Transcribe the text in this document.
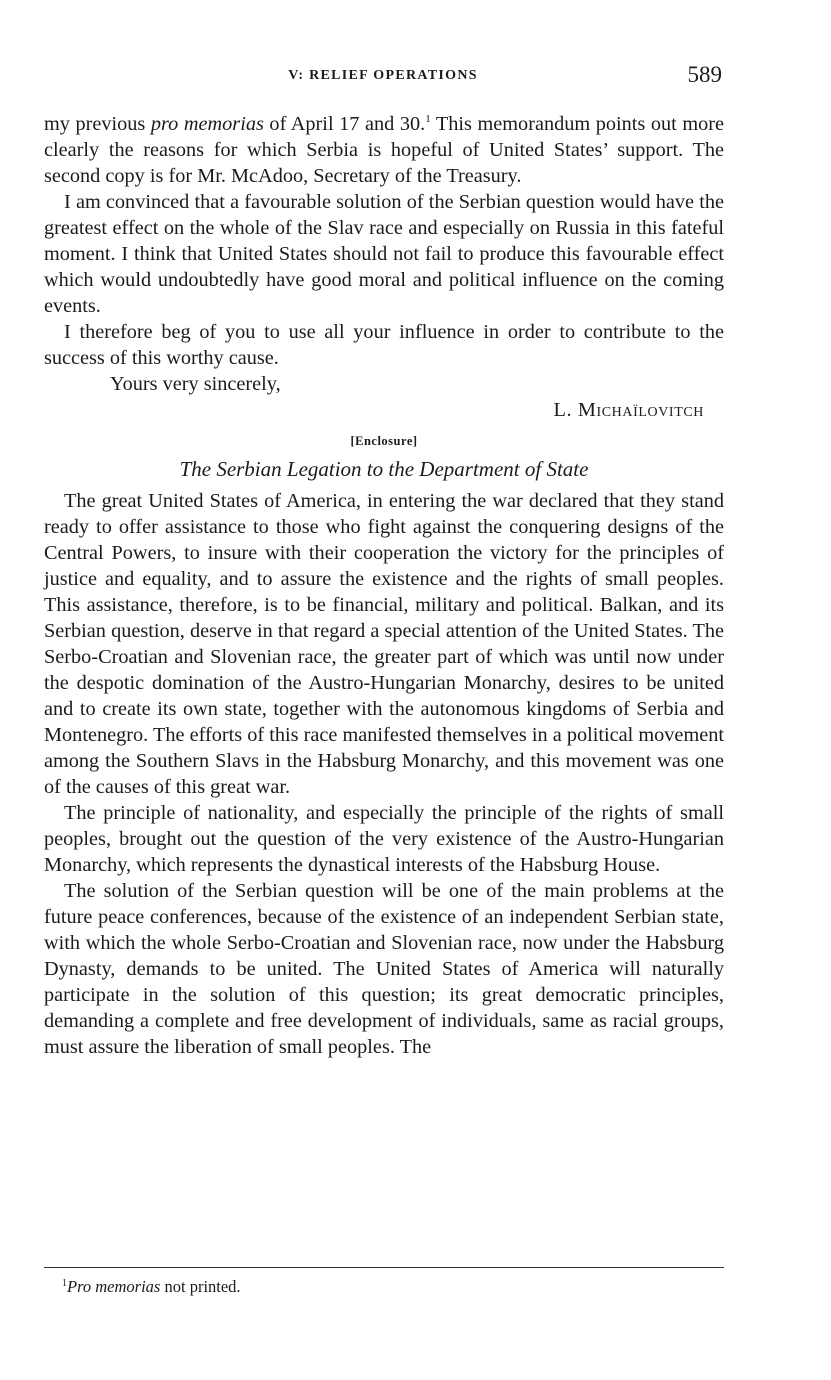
V: RELIEF OPERATIONS	589

my previous pro memorias of April 17 and 30.$^1$ This memorandum points out more clearly the reasons for which Serbia is hopeful of United States’ support. The second copy is for Mr. McAdoo, Secretary of the Treasury.

I am convinced that a favourable solution of the Serbian question would have the greatest effect on the whole of the Slav race and especially on Russia in this fateful moment. I think that United States should not fail to produce this favourable effect which would undoubtedly have good moral and political influence on the coming events.

I therefore beg of you to use all your influence in order to contribute to the success of this worthy cause.

Yours very sincerely,

L. Michaïlovitch

[Enclosure]
The Serbian Legation to the Department of State

The great United States of America, in entering the war declared that they stand ready to offer assistance to those who fight against the conquering designs of the Central Powers, to insure with their cooperation the victory for the principles of justice and equality, and to assure the existence and the rights of small peoples. This assistance, therefore, is to be financial, military and political. Balkan, and its Serbian question, deserve in that regard a special attention of the United States. The Serbo-Croatian and Slovenian race, the greater part of which was until now under the despotic domination of the Austro-Hungarian Monarchy, desires to be united and to create its own state, together with the autonomous kingdoms of Serbia and Montenegro. The efforts of this race manifested themselves in a political movement among the Southern Slavs in the Habsburg Monarchy, and this movement was one of the causes of this great war.

The principle of nationality, and especially the principle of the rights of small peoples, brought out the question of the very existence of the Austro-Hungarian Monarchy, which represents the dynastical interests of the Habsburg House.

The solution of the Serbian question will be one of the main problems at the future peace conferences, because of the existence of an independent Serbian state, with which the whole Serbo-Croatian and Slovenian race, now under the Habsburg Dynasty, demands to be united. The United States of America will naturally participate in the solution of this question; its great democratic principles, demanding a complete and free development of individuals, same as racial groups, must assure the liberation of small peoples. The

$^1$Pro memorias not printed.
